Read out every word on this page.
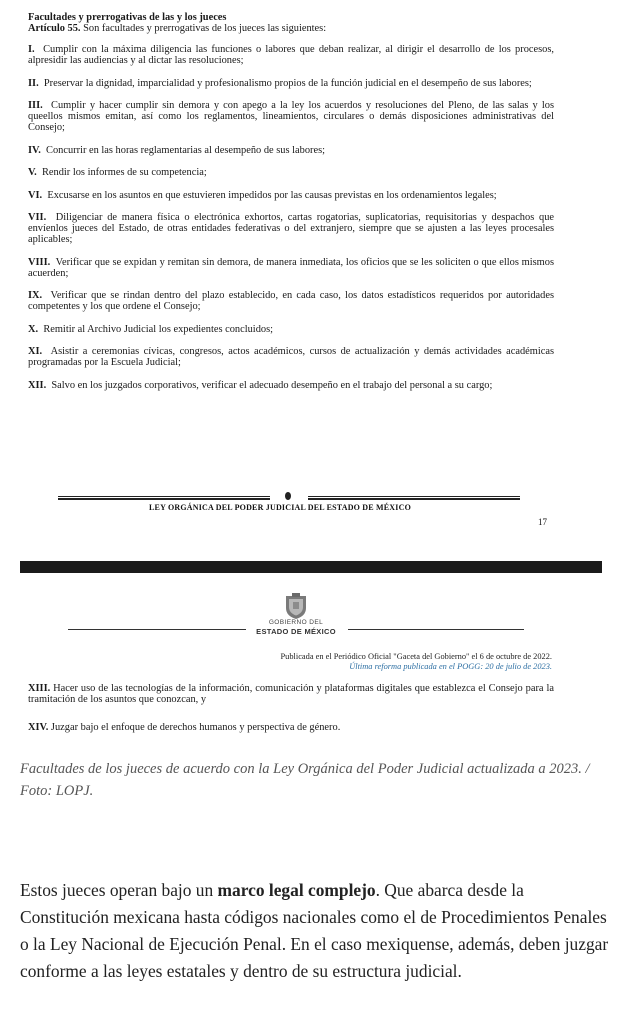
Facultades y prerrogativas de las y los jueces

Artículo 55. Son facultades y prerrogativas de los jueces las siguientes:

I. Cumplir con la máxima diligencia las funciones o labores que deban realizar, al dirigir el desarrollo de los procesos, alpresidir las audiencias y al dictar las resoluciones;
II. Preservar la dignidad, imparcialidad y profesionalismo propios de la función judicial en el desempeño de sus labores;
III. Cumplir y hacer cumplir sin demora y con apego a la ley los acuerdos y resoluciones del Pleno, de las salas y los queellos mismos emitan, así como los reglamentos, lineamientos, circulares o demás disposiciones administrativas del Consejo;
IV. Concurrir en las horas reglamentarias al desempeño de sus labores;
V. Rendir los informes de su competencia;
VI. Excusarse en los asuntos en que estuvieren impedidos por las causas previstas en los ordenamientos legales;
VII. Diligenciar de manera física o electrónica exhortos, cartas rogatorias, suplicatorias, requisitorias y despachos que envíenlos jueces del Estado, de otras entidades federativas o del extranjero, siempre que se ajusten a las leyes procesales aplicables;
VIII. Verificar que se expidan y remitan sin demora, de manera inmediata, los oficios que se les soliciten o que ellos mismos acuerden;
IX. Verificar que se rindan dentro del plazo establecido, en cada caso, los datos estadísticos requeridos por autoridades competentes y los que ordene el Consejo;
X. Remitir al Archivo Judicial los expedientes concluidos;
XI. Asistir a ceremonias cívicas, congresos, actos académicos, cursos de actualización y demás actividades académicas programadas por la Escuela Judicial;
XII. Salvo en los juzgados corporativos, verificar el adecuado desempeño en el trabajo del personal a su cargo;
LEY ORGÁNICA DEL PODER JUDICIAL DEL ESTADO DE MÉXICO
17
GOBIERNO DEL
ESTADO DE MÉXICO
Publicada en el Periódico Oficial "Gaceta del Gobierno" el 6 de octubre de 2022.
Última reforma publicada en el POGG: 20 de julio de 2023.
XIII. Hacer uso de las tecnologías de la información, comunicación y plataformas digitales que establezca el Consejo para la tramitación de los asuntos que conozcan, y
XIV. Juzgar bajo el enfoque de derechos humanos y perspectiva de género.
Facultades de los jueces de acuerdo con la Ley Orgánica del Poder Judicial actualizada a 2023. / Foto: LOPJ.

Estos jueces operan bajo un marco legal complejo. Que abarca desde la Constitución mexicana hasta códigos nacionales como el de Procedimientos Penales o la Ley Nacional de Ejecución Penal. En el caso mexiquense, además, deben juzgar conforme a las leyes estatales y dentro de su estructura judicial.
